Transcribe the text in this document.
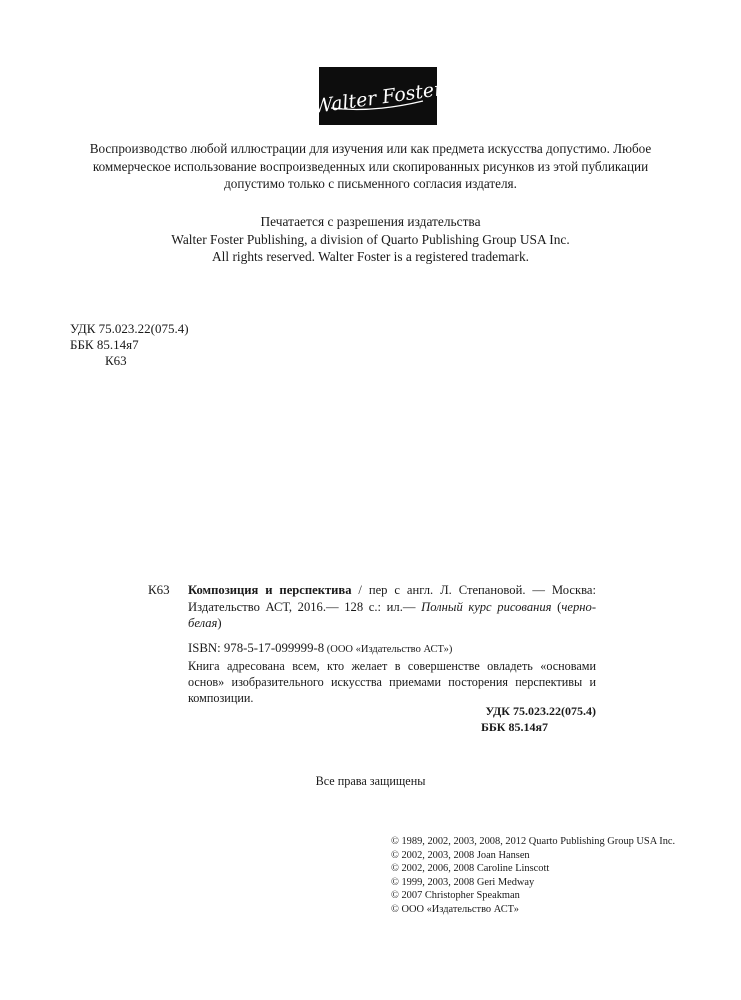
Walter Foster
Воспроизводство любой иллюстрации для изучения или как предмета искусства допустимо. Любое
коммерческое использование воспроизведенных или скопированных рисунков из этой публикации
допустимо только с письменного согласия издателя.
Печатается с разрешения издательства
Walter Foster Publishing, a division of Quarto Publishing Group USA Inc.
All rights reserved. Walter Foster is a registered trademark.
УДК 75.023.22(075.4)
ББК 85.14я7
К63
К63 Композиция и перспектива / пер с англ. Л. Степановой. — Москва: Издательство АСТ, 2016.— 128 с.: ил.— Полный курс рисования (черно-белая)
ISBN: 978-5-17-099999-8 (ООО «Издательство АСТ»)
Книга адресована всем, кто желает в совершенстве овладеть «основами основ» изобразительного искусства приемами посторения перспективы и композиции.
УДК 75.023.22(075.4)
ББК 85.14я7
Все права защищены
© 1989, 2002, 2003, 2008, 2012 Quarto Publishing Group USA Inc.
© 2002, 2003, 2008 Joan Hansen
© 2002, 2006, 2008 Caroline Linscott
© 1999, 2003, 2008 Geri Medway
© 2007 Christopher Speakman
© ООО «Издательство АСТ»
